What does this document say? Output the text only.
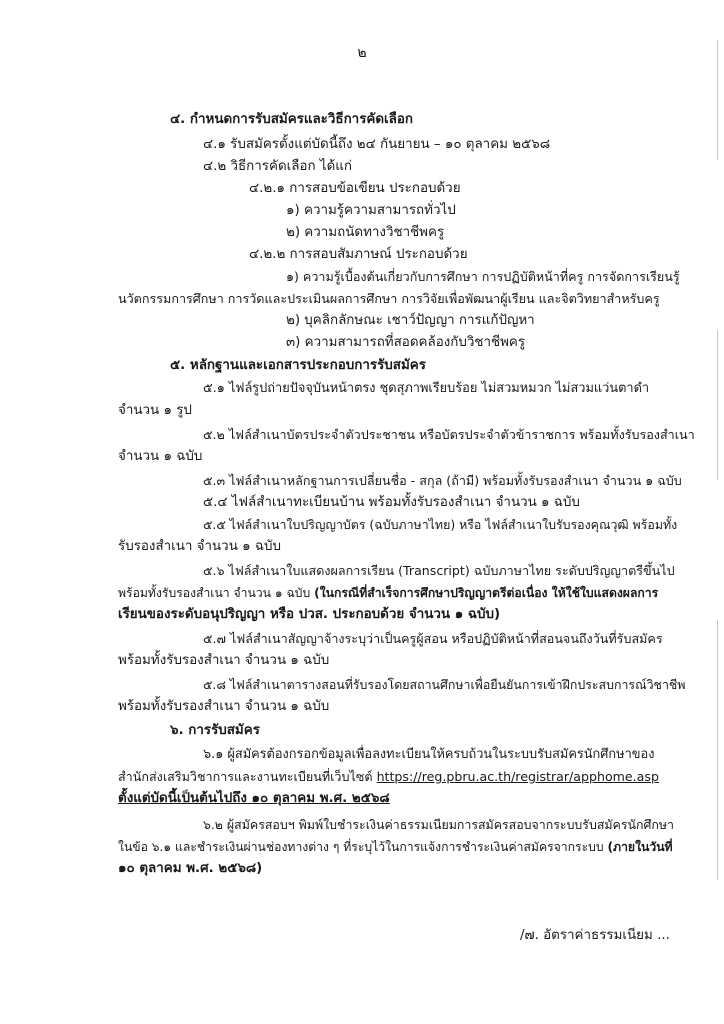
๒
๔. กำหนดการรับสมัครและวิธีการคัดเลือก
๔.๑ รับสมัครตั้งแต่บัดนี้ถึง ๒๔ กันยายน – ๑๐ ตุลาคม ๒๕๖๘
๔.๒ วิธีการคัดเลือก ได้แก่
๔.๒.๑ การสอบข้อเขียน ประกอบด้วย
๑) ความรู้ความสามารถทั่วไป
๒) ความถนัดทางวิชาชีพครู
๔.๒.๒ การสอบสัมภาษณ์ ประกอบด้วย
๑) ความรู้เบื้องต้นเกี่ยวกับการศึกษา การปฏิบัติหน้าที่ครู การจัดการเรียนรู้
นวัตกรรมการศึกษา การวัดและประเมินผลการศึกษา การวิจัยเพื่อพัฒนาผู้เรียน และจิตวิทยาสำหรับครู
๒) บุคลิกลักษณะ เชาว์ปัญญา การแก้ปัญหา
๓) ความสามารถที่สอดคล้องกับวิชาชีพครู
๕. หลักฐานและเอกสารประกอบการรับสมัคร
๕.๑ ไฟล์รูปถ่ายปัจจุบันหน้าตรง ชุดสุภาพเรียบร้อย ไม่สวมหมวก ไม่สวมแว่นตาดำ
จำนวน ๑ รูป
๕.๒ ไฟล์สำเนาบัตรประจำตัวประชาชน หรือบัตรประจำตัวข้าราชการ พร้อมทั้งรับรองสำเนา
จำนวน ๑ ฉบับ
๕.๓ ไฟล์สำเนาหลักฐานการเปลี่ยนชื่อ - สกุล (ถ้ามี) พร้อมทั้งรับรองสำเนา จำนวน ๑ ฉบับ
๕.๔ ไฟล์สำเนาทะเบียนบ้าน พร้อมทั้งรับรองสำเนา จำนวน ๑ ฉบับ
๕.๕ ไฟล์สำเนาใบปริญญาบัตร (ฉบับภาษาไทย) หรือ ไฟล์สำเนาใบรับรองคุณวุฒิ พร้อมทั้ง
รับรองสำเนา จำนวน ๑ ฉบับ
๕.๖ ไฟล์สำเนาใบแสดงผลการเรียน (Transcript) ฉบับภาษาไทย ระดับปริญญาตรีขึ้นไป
พร้อมทั้งรับรองสำเนา จำนวน ๑ ฉบับ (ในกรณีที่สำเร็จการศึกษาปริญญาตรีต่อเนื่อง ให้ใช้ใบแสดงผลการ
เรียนของระดับอนุปริญญา หรือ ปวส. ประกอบด้วย จำนวน ๑ ฉบับ)
๕.๗ ไฟล์สำเนาสัญญาจ้างระบุว่าเป็นครูผู้สอน หรือปฏิบัติหน้าที่สอนจนถึงวันที่รับสมัคร
พร้อมทั้งรับรองสำเนา จำนวน ๑ ฉบับ
๕.๘ ไฟล์สำเนาตารางสอนที่รับรองโดยสถานศึกษาเพื่อยืนยันการเข้าฝึกประสบการณ์วิชาชีพ
พร้อมทั้งรับรองสำเนา จำนวน ๑ ฉบับ
๖. การรับสมัคร
๖.๑ ผู้สมัครต้องกรอกข้อมูลเพื่อลงทะเบียนให้ครบถ้วนในระบบรับสมัครนักศึกษาของ
สำนักส่งเสริมวิชาการและงานทะเบียนที่เว็บไซต์ https://reg.pbru.ac.th/registrar/apphome.asp
ตั้งแต่บัดนี้เป็นต้นไปถึง ๑๐ ตุลาคม พ.ศ. ๒๕๖๘
๖.๒ ผู้สมัครสอบฯ พิมพ์ใบชำระเงินค่าธรรมเนียมการสมัครสอบจากระบบรับสมัครนักศึกษา
ในข้อ ๖.๑ และชำระเงินผ่านช่องทางต่าง ๆ ที่ระบุไว้ในการแจ้งการชำระเงินค่าสมัครจากระบบ (ภายในวันที่
๑๐ ตุลาคม พ.ศ. ๒๕๖๘)
/๗. อัตราค่าธรรมเนียม ...
